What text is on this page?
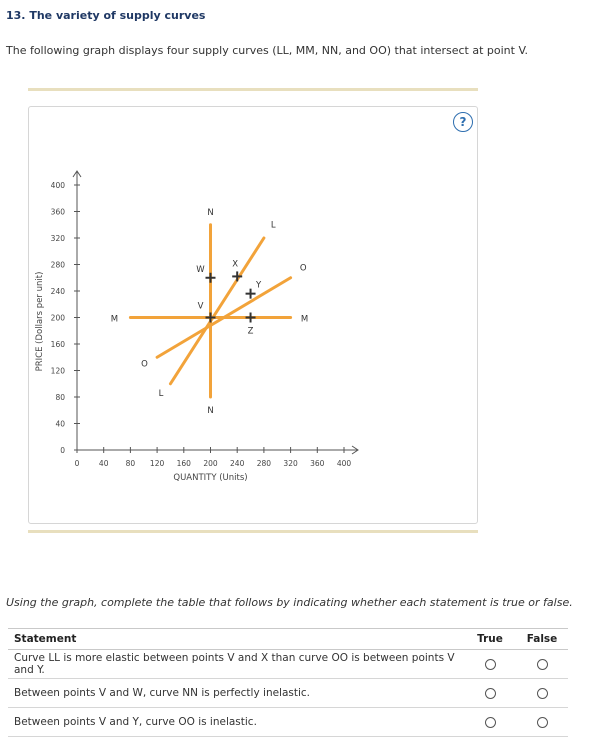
13. The variety of supply curves
The following graph displays four supply curves (LL, MM, NN, and OO) that intersect at point V.
0	40 80 120 160 200 240 280 320 360 400
0
40
80
120
160
200
240
280
320
360
400
QUANTITY (Units)
PRICE (Dollars per unit)
L
L
M	M
N
N
O
O
V
W
X
Y
Z
?
Using the graph, complete the table that follows by indicating whether each statement is true or false.
Statement	True	False
Curve LL is more elastic between points V and X than curve OO is between points V and Y.		
Between points V and W, curve NN is perfectly inelastic.		
Between points V and Y, curve OO is inelastic.		
